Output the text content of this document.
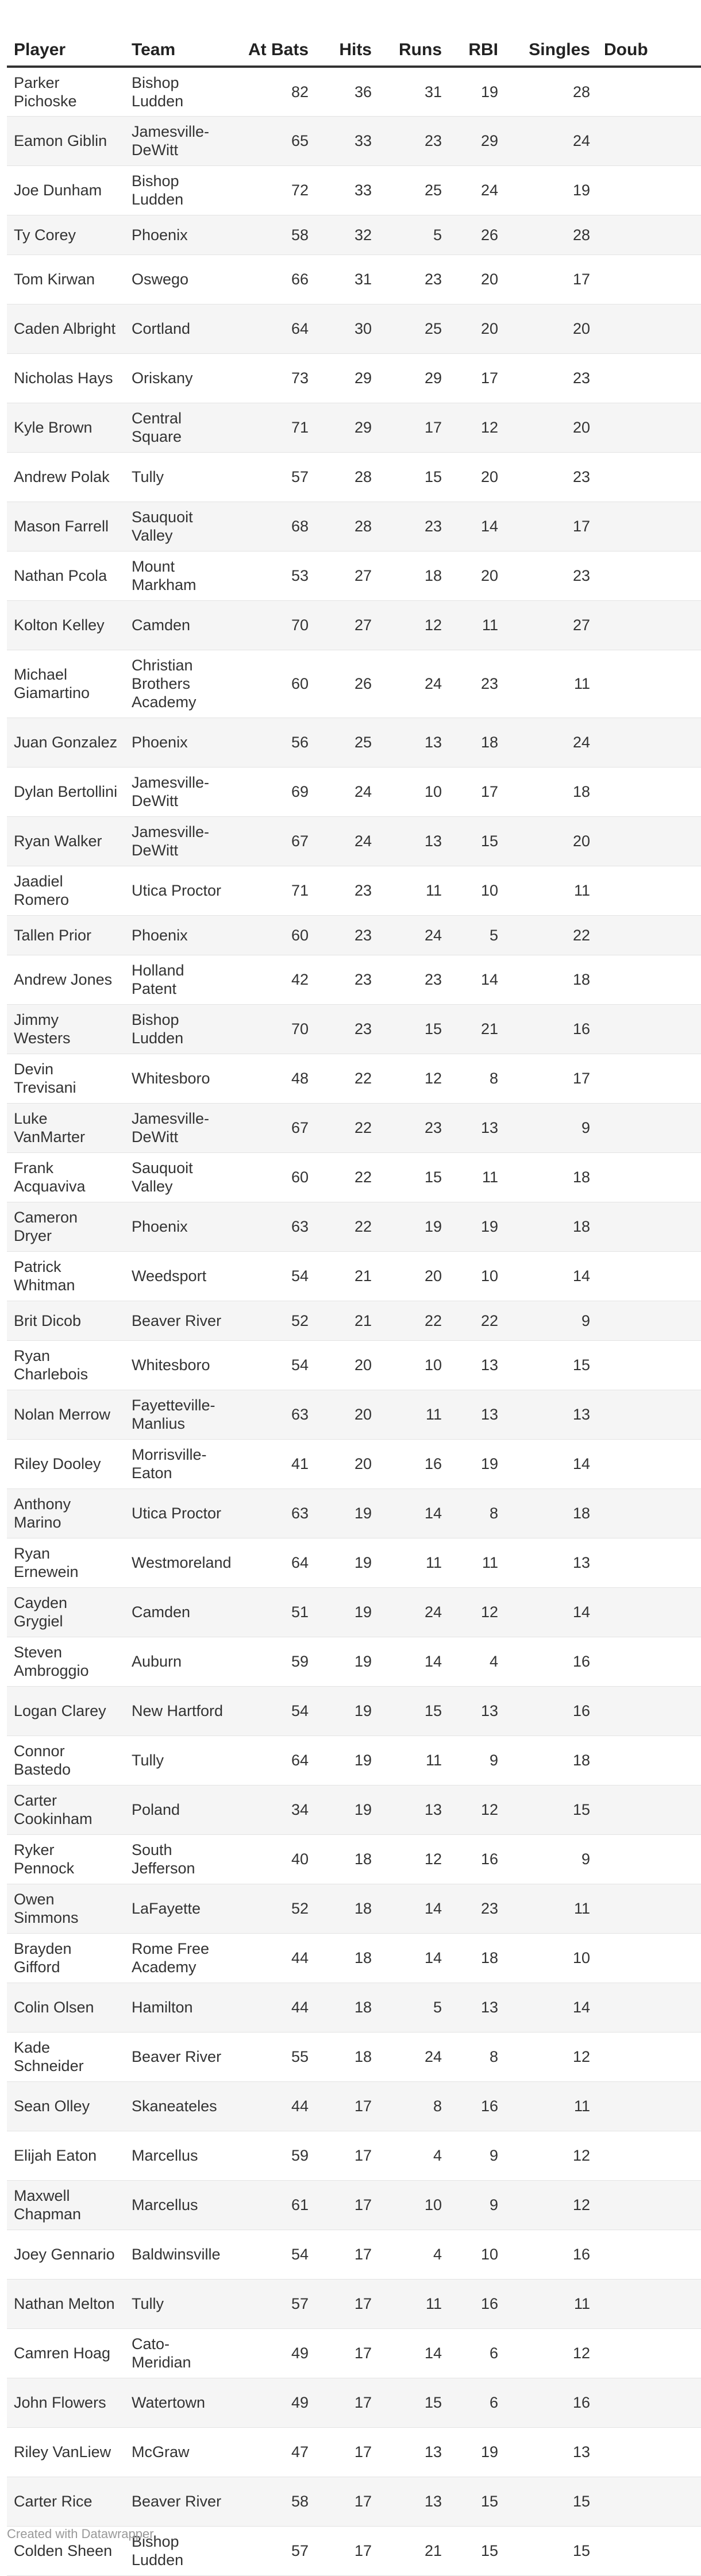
Player	Team	At Bats	Hits	Runs	RBI	Singles	Doub
Parker Pichoske	Bishop Ludden	82	36	31	19	28	
Eamon Giblin	Jamesville-DeWitt	65	33	23	29	24	
Joe Dunham	Bishop Ludden	72	33	25	24	19	
Ty Corey	Phoenix	58	32	5	26	28	
Tom Kirwan	Oswego	66	31	23	20	17	
Caden Albright	Cortland	64	30	25	20	20	
Nicholas Hays	Oriskany	73	29	29	17	23	
Kyle Brown	Central Square	71	29	17	12	20	
Andrew Polak	Tully	57	28	15	20	23	
Mason Farrell	Sauquoit Valley	68	28	23	14	17	
Nathan Pcola	Mount Markham	53	27	18	20	23	
Kolton Kelley	Camden	70	27	12	11	27	
Michael Giamartino	Christian Brothers Academy	60	26	24	23	11	
Juan Gonzalez	Phoenix	56	25	13	18	24	
Dylan Bertollini	Jamesville-DeWitt	69	24	10	17	18	
Ryan Walker	Jamesville-DeWitt	67	24	13	15	20	
Jaadiel Romero	Utica Proctor	71	23	11	10	11	
Tallen Prior	Phoenix	60	23	24	5	22	
Andrew Jones	Holland Patent	42	23	23	14	18	
Jimmy Westers	Bishop Ludden	70	23	15	21	16	
Devin Trevisani	Whitesboro	48	22	12	8	17	
Luke VanMarter	Jamesville-DeWitt	67	22	23	13	9	
Frank Acquaviva	Sauquoit Valley	60	22	15	11	18	
Cameron Dryer	Phoenix	63	22	19	19	18	
Patrick Whitman	Weedsport	54	21	20	10	14	
Brit Dicob	Beaver River	52	21	22	22	9	
Ryan Charlebois	Whitesboro	54	20	10	13	15	
Nolan Merrow	Fayetteville-Manlius	63	20	11	13	13	
Riley Dooley	Morrisville-Eaton	41	20	16	19	14	
Anthony Marino	Utica Proctor	63	19	14	8	18	
Ryan Ernewein	Westmoreland	64	19	11	11	13	
Cayden Grygiel	Camden	51	19	24	12	14	
Steven Ambroggio	Auburn	59	19	14	4	16	
Logan Clarey	New Hartford	54	19	15	13	16	
Connor Bastedo	Tully	64	19	11	9	18	
Carter Cookinham	Poland	34	19	13	12	15	
Ryker Pennock	South Jefferson	40	18	12	16	9	
Owen Simmons	LaFayette	52	18	14	23	11	
Brayden Gifford	Rome Free Academy	44	18	14	18	10	
Colin Olsen	Hamilton	44	18	5	13	14	
Kade Schneider	Beaver River	55	18	24	8	12	
Sean Olley	Skaneateles	44	17	8	16	11	
Elijah Eaton	Marcellus	59	17	4	9	12	
Maxwell Chapman	Marcellus	61	17	10	9	12	
Joey Gennario	Baldwinsville	54	17	4	10	16	
Nathan Melton	Tully	57	17	11	16	11	
Camren Hoag	Cato-Meridian	49	17	14	6	12	
John Flowers	Watertown	49	17	15	6	16	
Riley VanLiew	McGraw	47	17	13	19	13	
Carter Rice	Beaver River	58	17	13	15	15	
Colden Sheen	Bishop Ludden	57	17	21	15	15	
Created with Datawrapper
